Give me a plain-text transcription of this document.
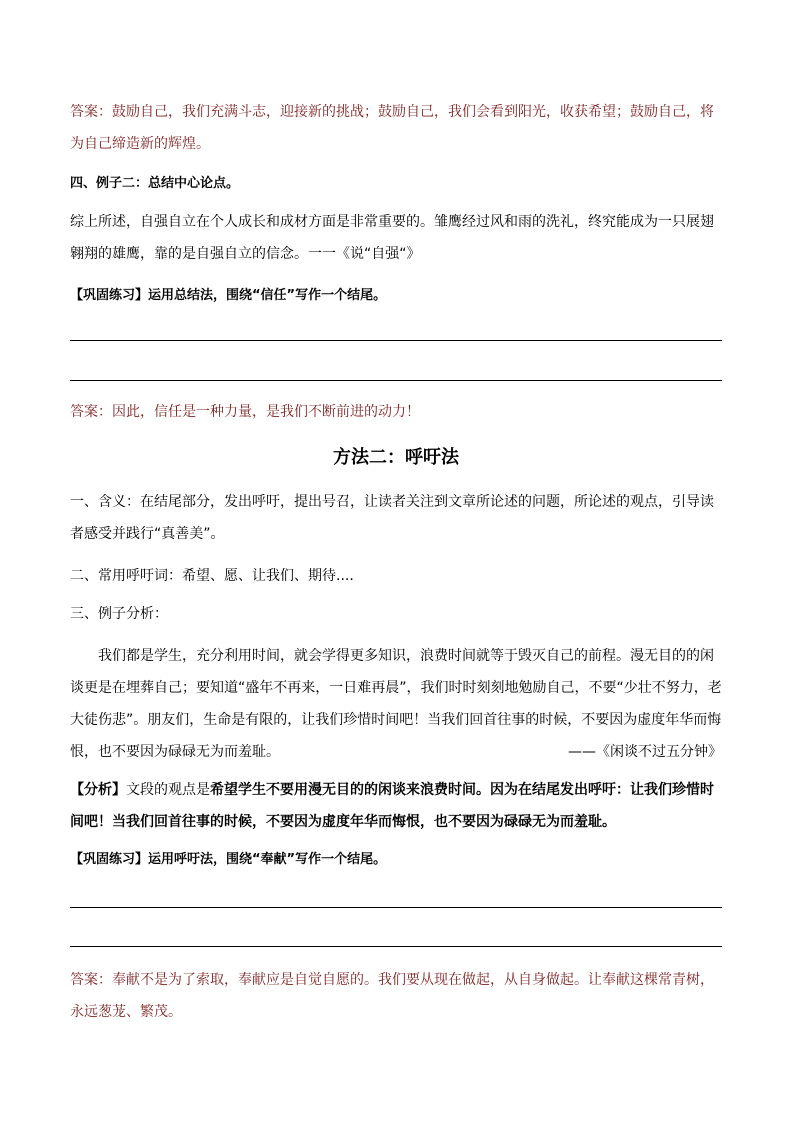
答案：鼓励自己，我们充满斗志，迎接新的挑战；鼓励自己，我们会看到阳光，收获希望；鼓励自己，将为自己缔造新的辉煌。

四、例子二：总结中心论点。

综上所述，自强自立在个人成长和成材方面是非常重要的。雏鹰经过风和雨的洗礼，终究能成为一只展翅翱翔的雄鹰，靠的是自强自立的信念。一一《说“自强“》

【巩固练习】运用总结法，围绕“信任”写作一个结尾。

答案：因此，信任是一种力量，是我们不断前进的动力！

方法二：呼吁法

一、含义：在结尾部分，发出呼吁，提出号召，让读者关注到文章所论述的问题，所论述的观点，引导读者感受并践行“真善美”。

二、常用呼吁词：希望、愿、让我们、期待....

三、例子分析：

我们都是学生，充分利用时间，就会学得更多知识，浪费时间就等于毁灭自己的前程。漫无目的的闲谈更是在埋葬自己；要知道“盛年不再来，一日难再晨”，我们时时刻刻地勉励自己，不要“少壮不努力，老大徒伤悲”。朋友们，生命是有限的，让我们珍惜时间吧！当我们回首往事的时候，不要因为虚度年华而悔恨，也不要因为碌碌无为而羞耻。	——《闲谈不过五分钟》

【分析】文段的观点是希望学生不要用漫无目的的闲谈来浪费时间。因为在结尾发出呼吁：让我们珍惜时间吧！当我们回首往事的时候，不要因为虚度年华而悔恨，也不要因为碌碌无为而羞耻。

【巩固练习】运用呼吁法，围绕“奉献”写作一个结尾。

答案：奉献不是为了索取，奉献应是自觉自愿的。我们要从现在做起，从自身做起。让奉献这棵常青树，永远葱茏、繁茂。
